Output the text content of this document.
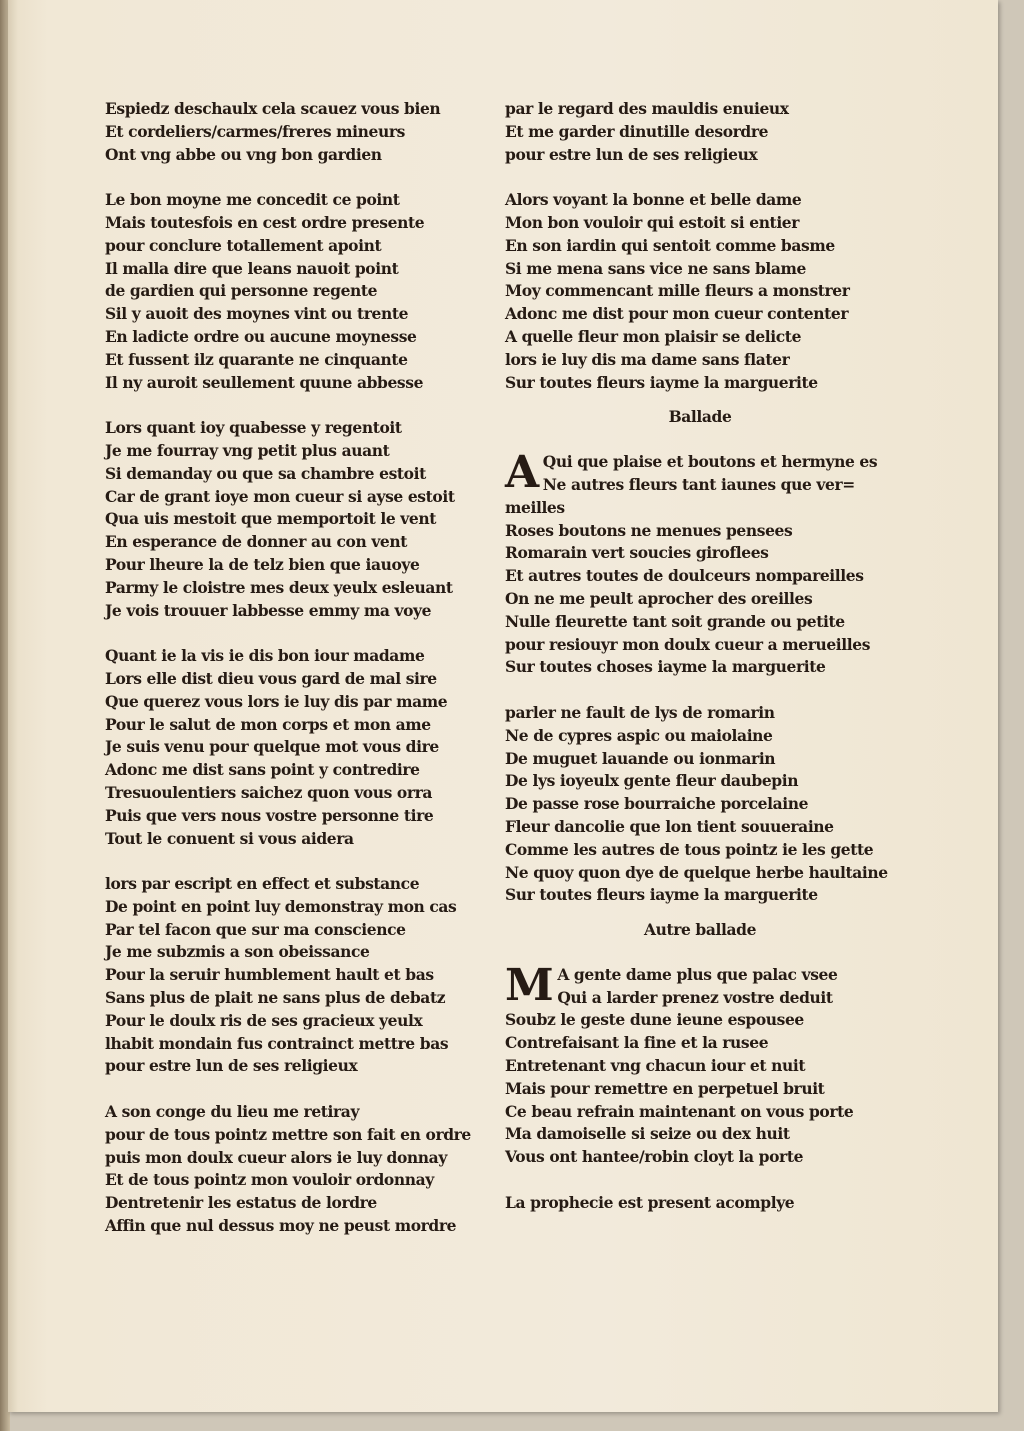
Espiedz deschaulx cela scauez vous bien
Et cordeliers/carmes/freres mineurs
Ont vng abbe ou vng bon gardien
Le bon moyne me concedit ce point
Mais toutesfois en cest ordre presente
pour conclure totallement apoint
Il malla dire que leans nauoit point
de gardien qui personne regente
Sil y auoit des moynes vint ou trente
En ladicte ordre ou aucune moynesse
Et fussent ilz quarante ne cinquante
Il ny auroit seullement quune abbesse
Lors quant ioy quabesse y regentoit
Je me fourray vng petit plus auant
Si demanday ou que sa chambre estoit
Car de grant ioye mon cueur si ayse estoit
Qua uis mestoit que memportoit le vent
En esperance de donner au con vent
Pour lheure la de telz bien que iauoye
Parmy le cloistre mes deux yeulx esleuant
Je vois trouuer labbesse emmy ma voye
Quant ie la vis ie dis bon iour madame
Lors elle dist dieu vous gard de mal sire
Que querez vous lors ie luy dis par mame
Pour le salut de mon corps et mon ame
Je suis venu pour quelque mot vous dire
Adonc me dist sans point y contredire
Tresuoulentiers saichez quon vous orra
Puis que vers nous vostre personne tire
Tout le conuent si vous aidera
lors par escript en effect et substance
De point en point luy demonstray mon cas
Par tel facon que sur ma conscience
Je me subzmis a son obeissance
Pour la seruir humblement hault et bas
Sans plus de plait ne sans plus de debatz
Pour le doulx ris de ses gracieux yeulx
lhabit mondain fus contrainct mettre bas
pour estre lun de ses religieux
A son conge du lieu me retiray
pour de tous pointz mettre son fait en ordre
puis mon doulx cueur alors ie luy donnay
Et de tous pointz mon vouloir ordonnay
Dentretenir les estatus de lordre
Affin que nul dessus moy ne peust mordre
par le regard des mauldis enuieux
Et me garder dinutille desordre
pour estre lun de ses religieux
Alors voyant la bonne et belle dame
Mon bon vouloir qui estoit si entier
En son iardin qui sentoit comme basme
Si me mena sans vice ne sans blame
Moy commencant mille fleurs a monstrer
Adonc me dist pour mon cueur contenter
A quelle fleur mon plaisir se delicte
lors ie luy dis ma dame sans flater
Sur toutes fleurs iayme la marguerite
Ballade
A Qui que plaise et boutons et hermyne es
Ne autres fleurs tant iaunes que ver=
meilles
Roses boutons ne menues pensees
Romarain vert soucies giroflees
Et autres toutes de doulceurs nompareilles
On ne me peult aprocher des oreilles
Nulle fleurette tant soit grande ou petite
pour resiouyr mon doulx cueur a merueilles
Sur toutes choses iayme la marguerite
parler ne fault de lys de romarin
Ne de cypres aspic ou maiolaine
De muguet lauande ou ionmarin
De lys ioyeulx gente fleur daubepin
De passe rose bourraiche porcelaine
Fleur dancolie que lon tient souueraine
Comme les autres de tous pointz ie les gette
Ne quoy quon dye de quelque herbe haultaine
Sur toutes fleurs iayme la marguerite
Autre ballade
M A gente dame plus que palac vsee
Qui a larder prenez vostre deduit
Soubz le geste dune ieune espousee
Contrefaisant la fine et la rusee
Entretenant vng chacun iour et nuit
Mais pour remettre en perpetuel bruit
Ce beau refrain maintenant on vous porte
Ma damoiselle si seize ou dex huit
Vous ont hantee/robin cloyt la porte
La prophecie est present acomplye
